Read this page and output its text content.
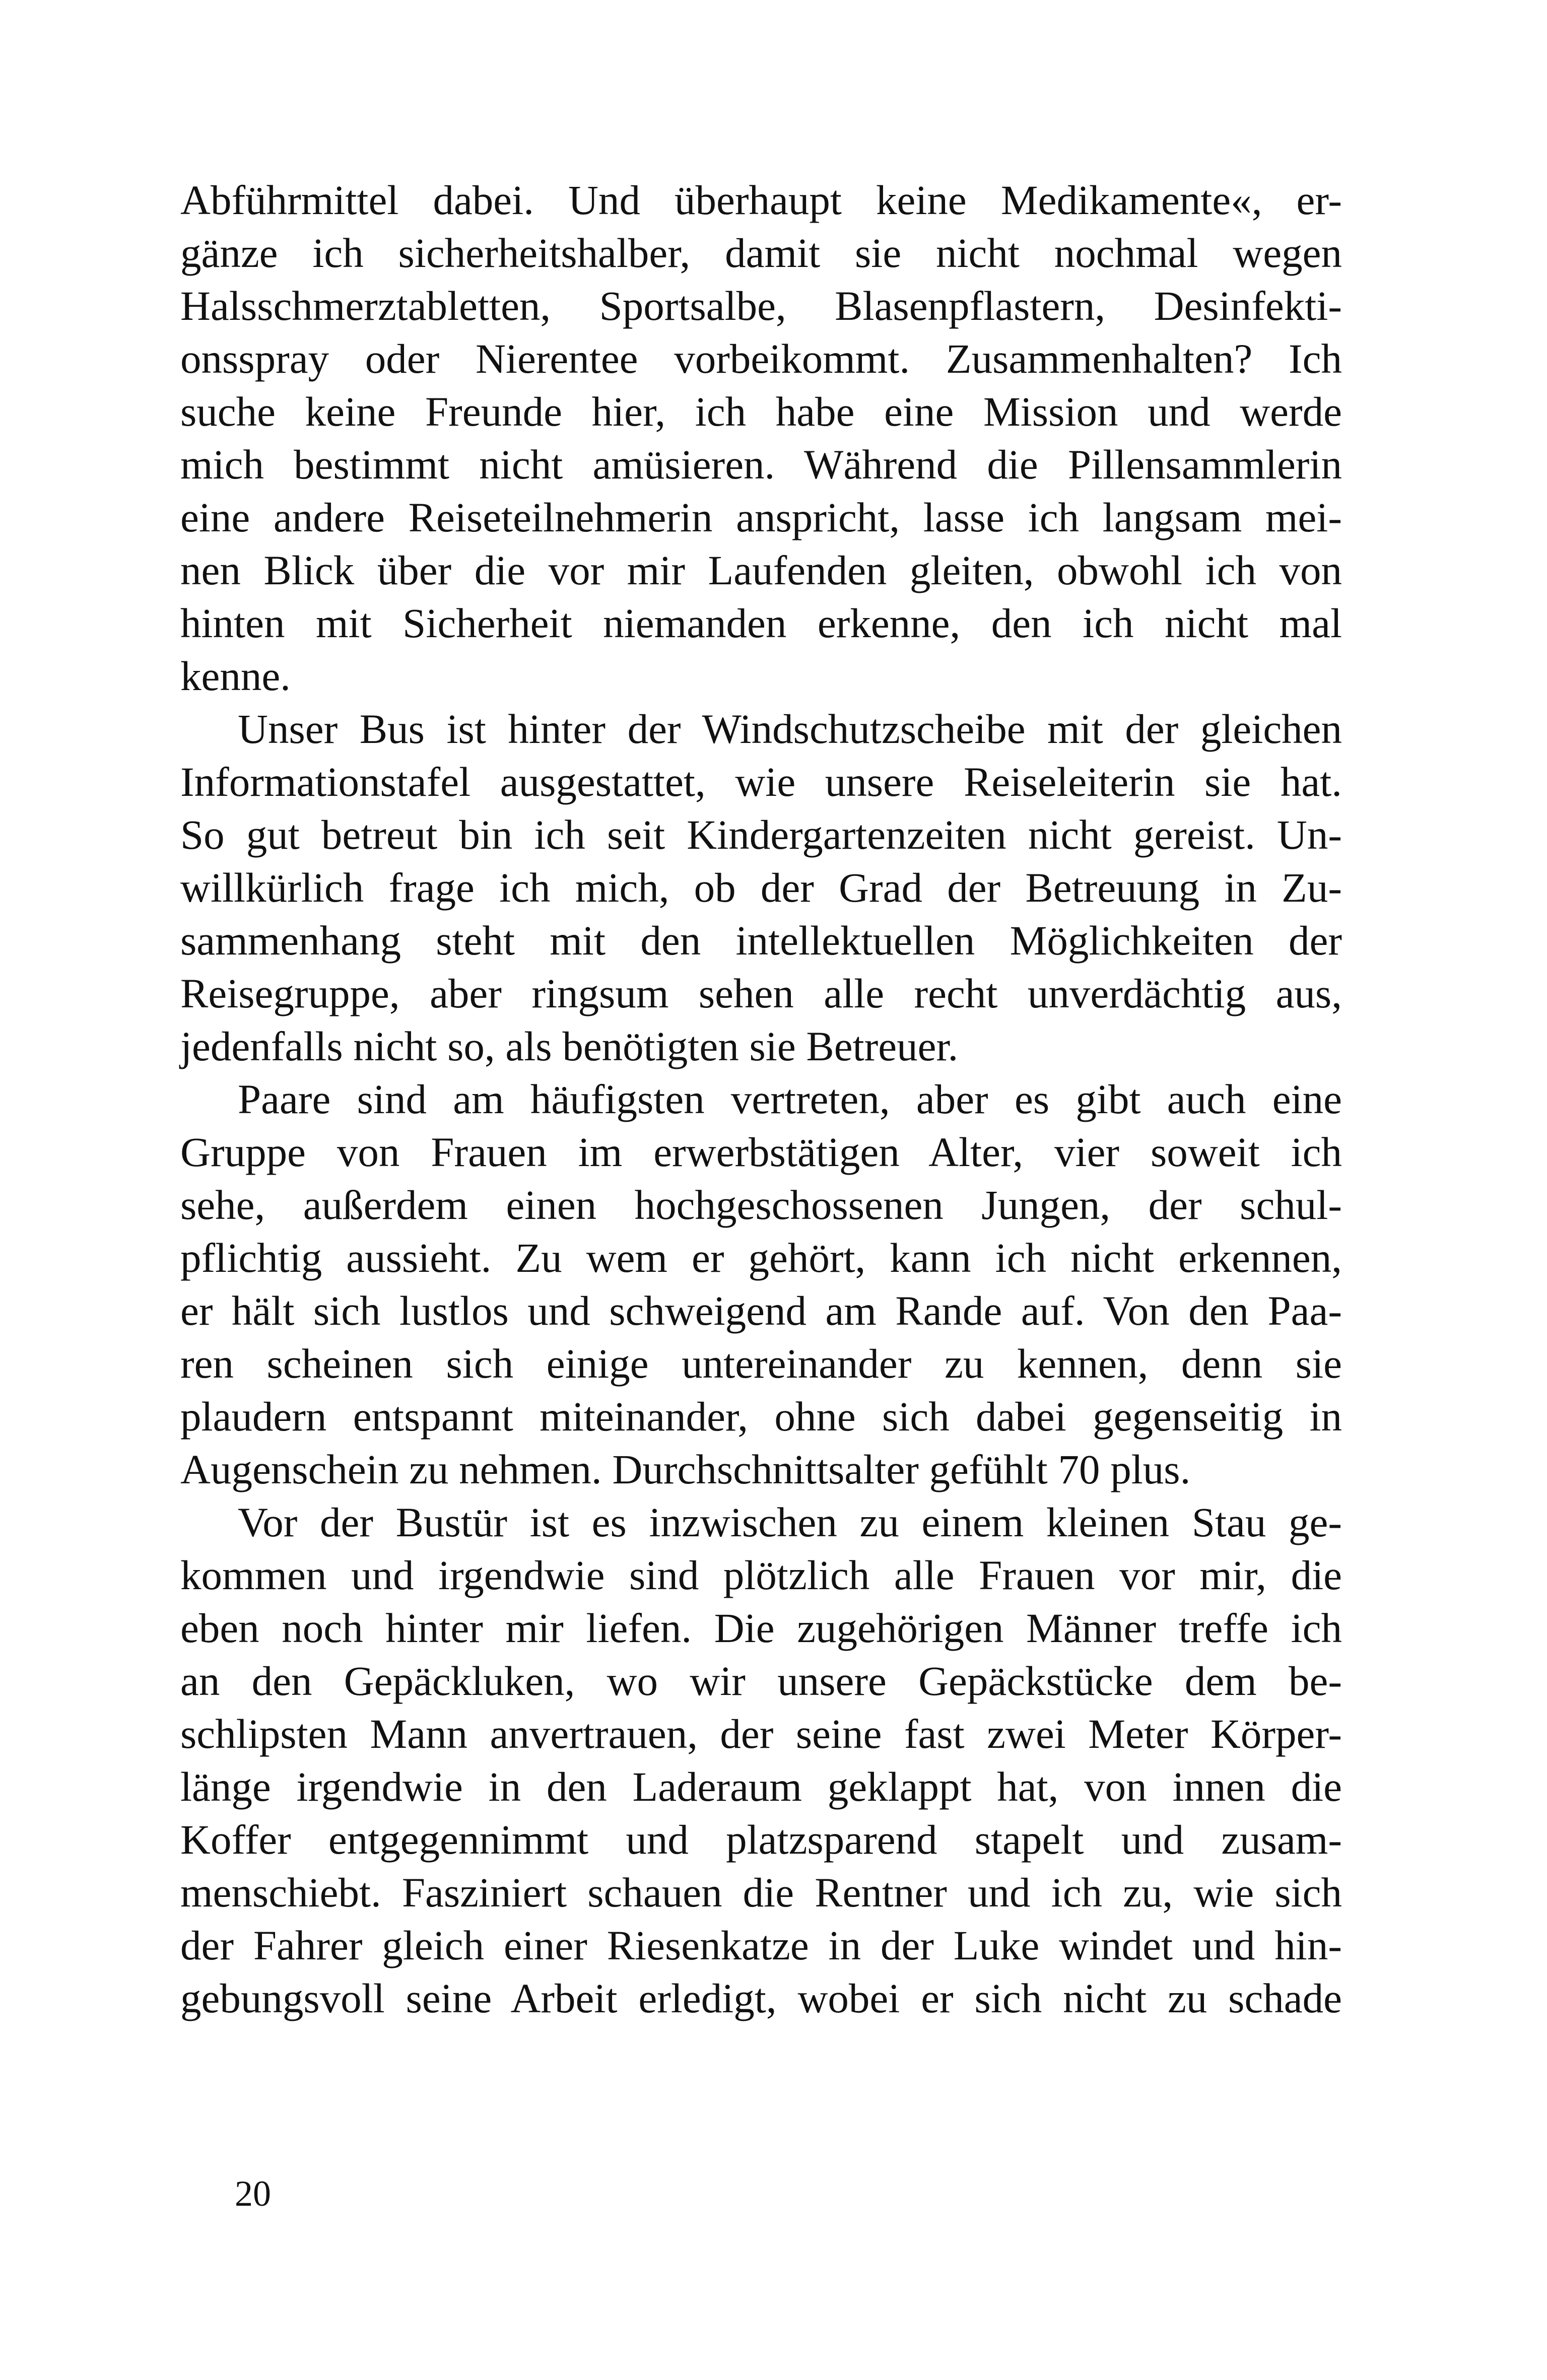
Abführmittel dabei. Und überhaupt keine Medikamente«, er-
gänze ich sicherheitshalber, damit sie nicht nochmal wegen
Halsschmerztabletten, Sportsalbe, Blasenpflastern, Desinfekti-
onsspray oder Nierentee vorbeikommt. Zusammenhalten? Ich
suche keine Freunde hier, ich habe eine Mission und werde
mich bestimmt nicht amüsieren. Während die Pillensammlerin
eine andere Reiseteilnehmerin anspricht, lasse ich langsam mei-
nen Blick über die vor mir Laufenden gleiten, obwohl ich von
hinten mit Sicherheit niemanden erkenne, den ich nicht mal
kenne.
Unser Bus ist hinter der Windschutzscheibe mit der gleichen
Informationstafel ausgestattet, wie unsere Reiseleiterin sie hat.
So gut betreut bin ich seit Kindergartenzeiten nicht gereist. Un-
willkürlich frage ich mich, ob der Grad der Betreuung in Zu-
sammenhang steht mit den intellektuellen Möglichkeiten der
Reisegruppe, aber ringsum sehen alle recht unverdächtig aus,
jedenfalls nicht so, als benötigten sie Betreuer.
Paare sind am häufigsten vertreten, aber es gibt auch eine
Gruppe von Frauen im erwerbstätigen Alter, vier soweit ich
sehe, außerdem einen hochgeschossenen Jungen, der schul-
pflichtig aussieht. Zu wem er gehört, kann ich nicht erkennen,
er hält sich lustlos und schweigend am Rande auf. Von den Paa-
ren scheinen sich einige untereinander zu kennen, denn sie
plaudern entspannt miteinander, ohne sich dabei gegenseitig in
Augenschein zu nehmen. Durchschnittsalter gefühlt 70 plus.
Vor der Bustür ist es inzwischen zu einem kleinen Stau ge-
kommen und irgendwie sind plötzlich alle Frauen vor mir, die
eben noch hinter mir liefen. Die zugehörigen Männer treffe ich
an den Gepäckluken, wo wir unsere Gepäckstücke dem be-
schlipsten Mann anvertrauen, der seine fast zwei Meter Körper-
länge irgendwie in den Laderaum geklappt hat, von innen die
Koffer entgegennimmt und platzsparend stapelt und zusam-
menschiebt. Fasziniert schauen die Rentner und ich zu, wie sich
der Fahrer gleich einer Riesenkatze in der Luke windet und hin-
gebungsvoll seine Arbeit erledigt, wobei er sich nicht zu schade
20
